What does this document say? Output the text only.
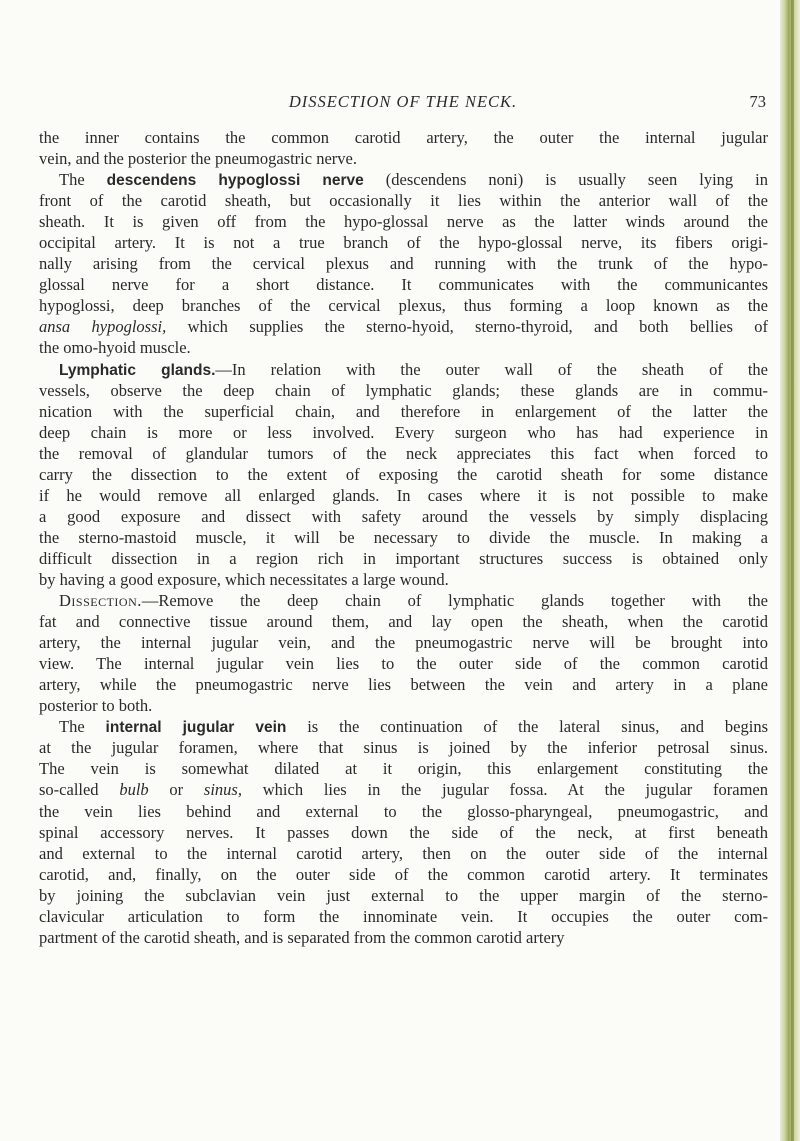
DISSECTION OF THE NECK.	73
the inner contains the common carotid artery, the outer the internal jugular
vein, and the posterior the pneumogastric nerve.
The descendens hypoglossi nerve (descendens noni) is usually seen lying in
front of the carotid sheath, but occasionally it lies within the anterior wall of the
sheath. It is given off from the hypo-glossal nerve as the latter winds around the
occipital artery. It is not a true branch of the hypo-glossal nerve, its fibers origi-
nally arising from the cervical plexus and running with the trunk of the hypo-
glossal nerve for a short distance. It communicates with the communicantes
hypoglossi, deep branches of the cervical plexus, thus forming a loop known as the
ansa hypoglossi, which supplies the sterno-hyoid, sterno-thyroid, and both bellies of
the omo-hyoid muscle.
Lymphatic glands.—In relation with the outer wall of the sheath of the
vessels, observe the deep chain of lymphatic glands; these glands are in commu-
nication with the superficial chain, and therefore in enlargement of the latter the
deep chain is more or less involved. Every surgeon who has had experience in
the removal of glandular tumors of the neck appreciates this fact when forced to
carry the dissection to the extent of exposing the carotid sheath for some distance
if he would remove all enlarged glands. In cases where it is not possible to make
a good exposure and dissect with safety around the vessels by simply displacing
the sterno-mastoid muscle, it will be necessary to divide the muscle. In making a
difficult dissection in a region rich in important structures success is obtained only
by having a good exposure, which necessitates a large wound.
Dissection.—Remove the deep chain of lymphatic glands together with the
fat and connective tissue around them, and lay open the sheath, when the carotid
artery, the internal jugular vein, and the pneumogastric nerve will be brought into
view. The internal jugular vein lies to the outer side of the common carotid
artery, while the pneumogastric nerve lies between the vein and artery in a plane
posterior to both.
The internal jugular vein is the continuation of the lateral sinus, and begins
at the jugular foramen, where that sinus is joined by the inferior petrosal sinus.
The vein is somewhat dilated at it origin, this enlargement constituting the
so-called bulb or sinus, which lies in the jugular fossa. At the jugular foramen
the vein lies behind and external to the glosso-pharyngeal, pneumogastric, and
spinal accessory nerves. It passes down the side of the neck, at first beneath
and external to the internal carotid artery, then on the outer side of the internal
carotid, and, finally, on the outer side of the common carotid artery. It terminates
by joining the subclavian vein just external to the upper margin of the sterno-
clavicular articulation to form the innominate vein. It occupies the outer com-
partment of the carotid sheath, and is separated from the common carotid artery
